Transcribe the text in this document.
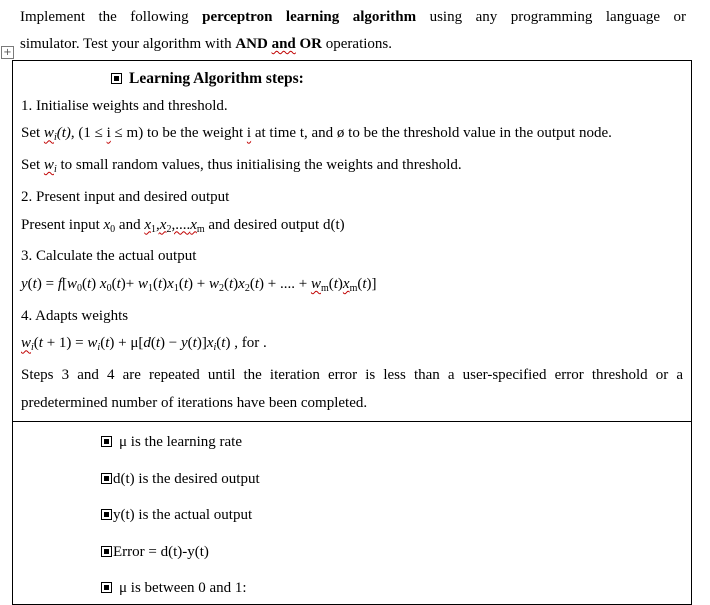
Implement the following perceptron learning algorithm using any programming language or
simulator. Test your algorithm with AND and OR operations.
+
Learning Algorithm steps:
1. Initialise weights and threshold.
Set $w_i(t)$, (1 ≤ i ≤ m) to be the weight i at time t, and ø to be the threshold value in the output node.
Set $w_i$ to small random values, thus initialising the weights and threshold.
2. Present input and desired output
Present input $x_0$ and $x_1,x_2,....x_m$ and desired output d(t)
3. Calculate the actual output
$y(t) = f[w_0(t)$ $x_0(t)+ w_1(t)x_1(t) + w_2(t)x_2(t)$ + .... + $w_m(t)x_m(t)$]
4. Adapts weights
$w_i(t + 1) = w_i(t) + \mu[d(t) - y(t)]x_i(t)$ , for .
Steps 3 and 4 are repeated until the iteration error is less than a user-specified error threshold or a
predetermined number of iterations have been completed.

μ is the learning rate
d(t) is the desired output
y(t) is the actual output
Error = d(t)-y(t)
μ is between 0 and 1:
